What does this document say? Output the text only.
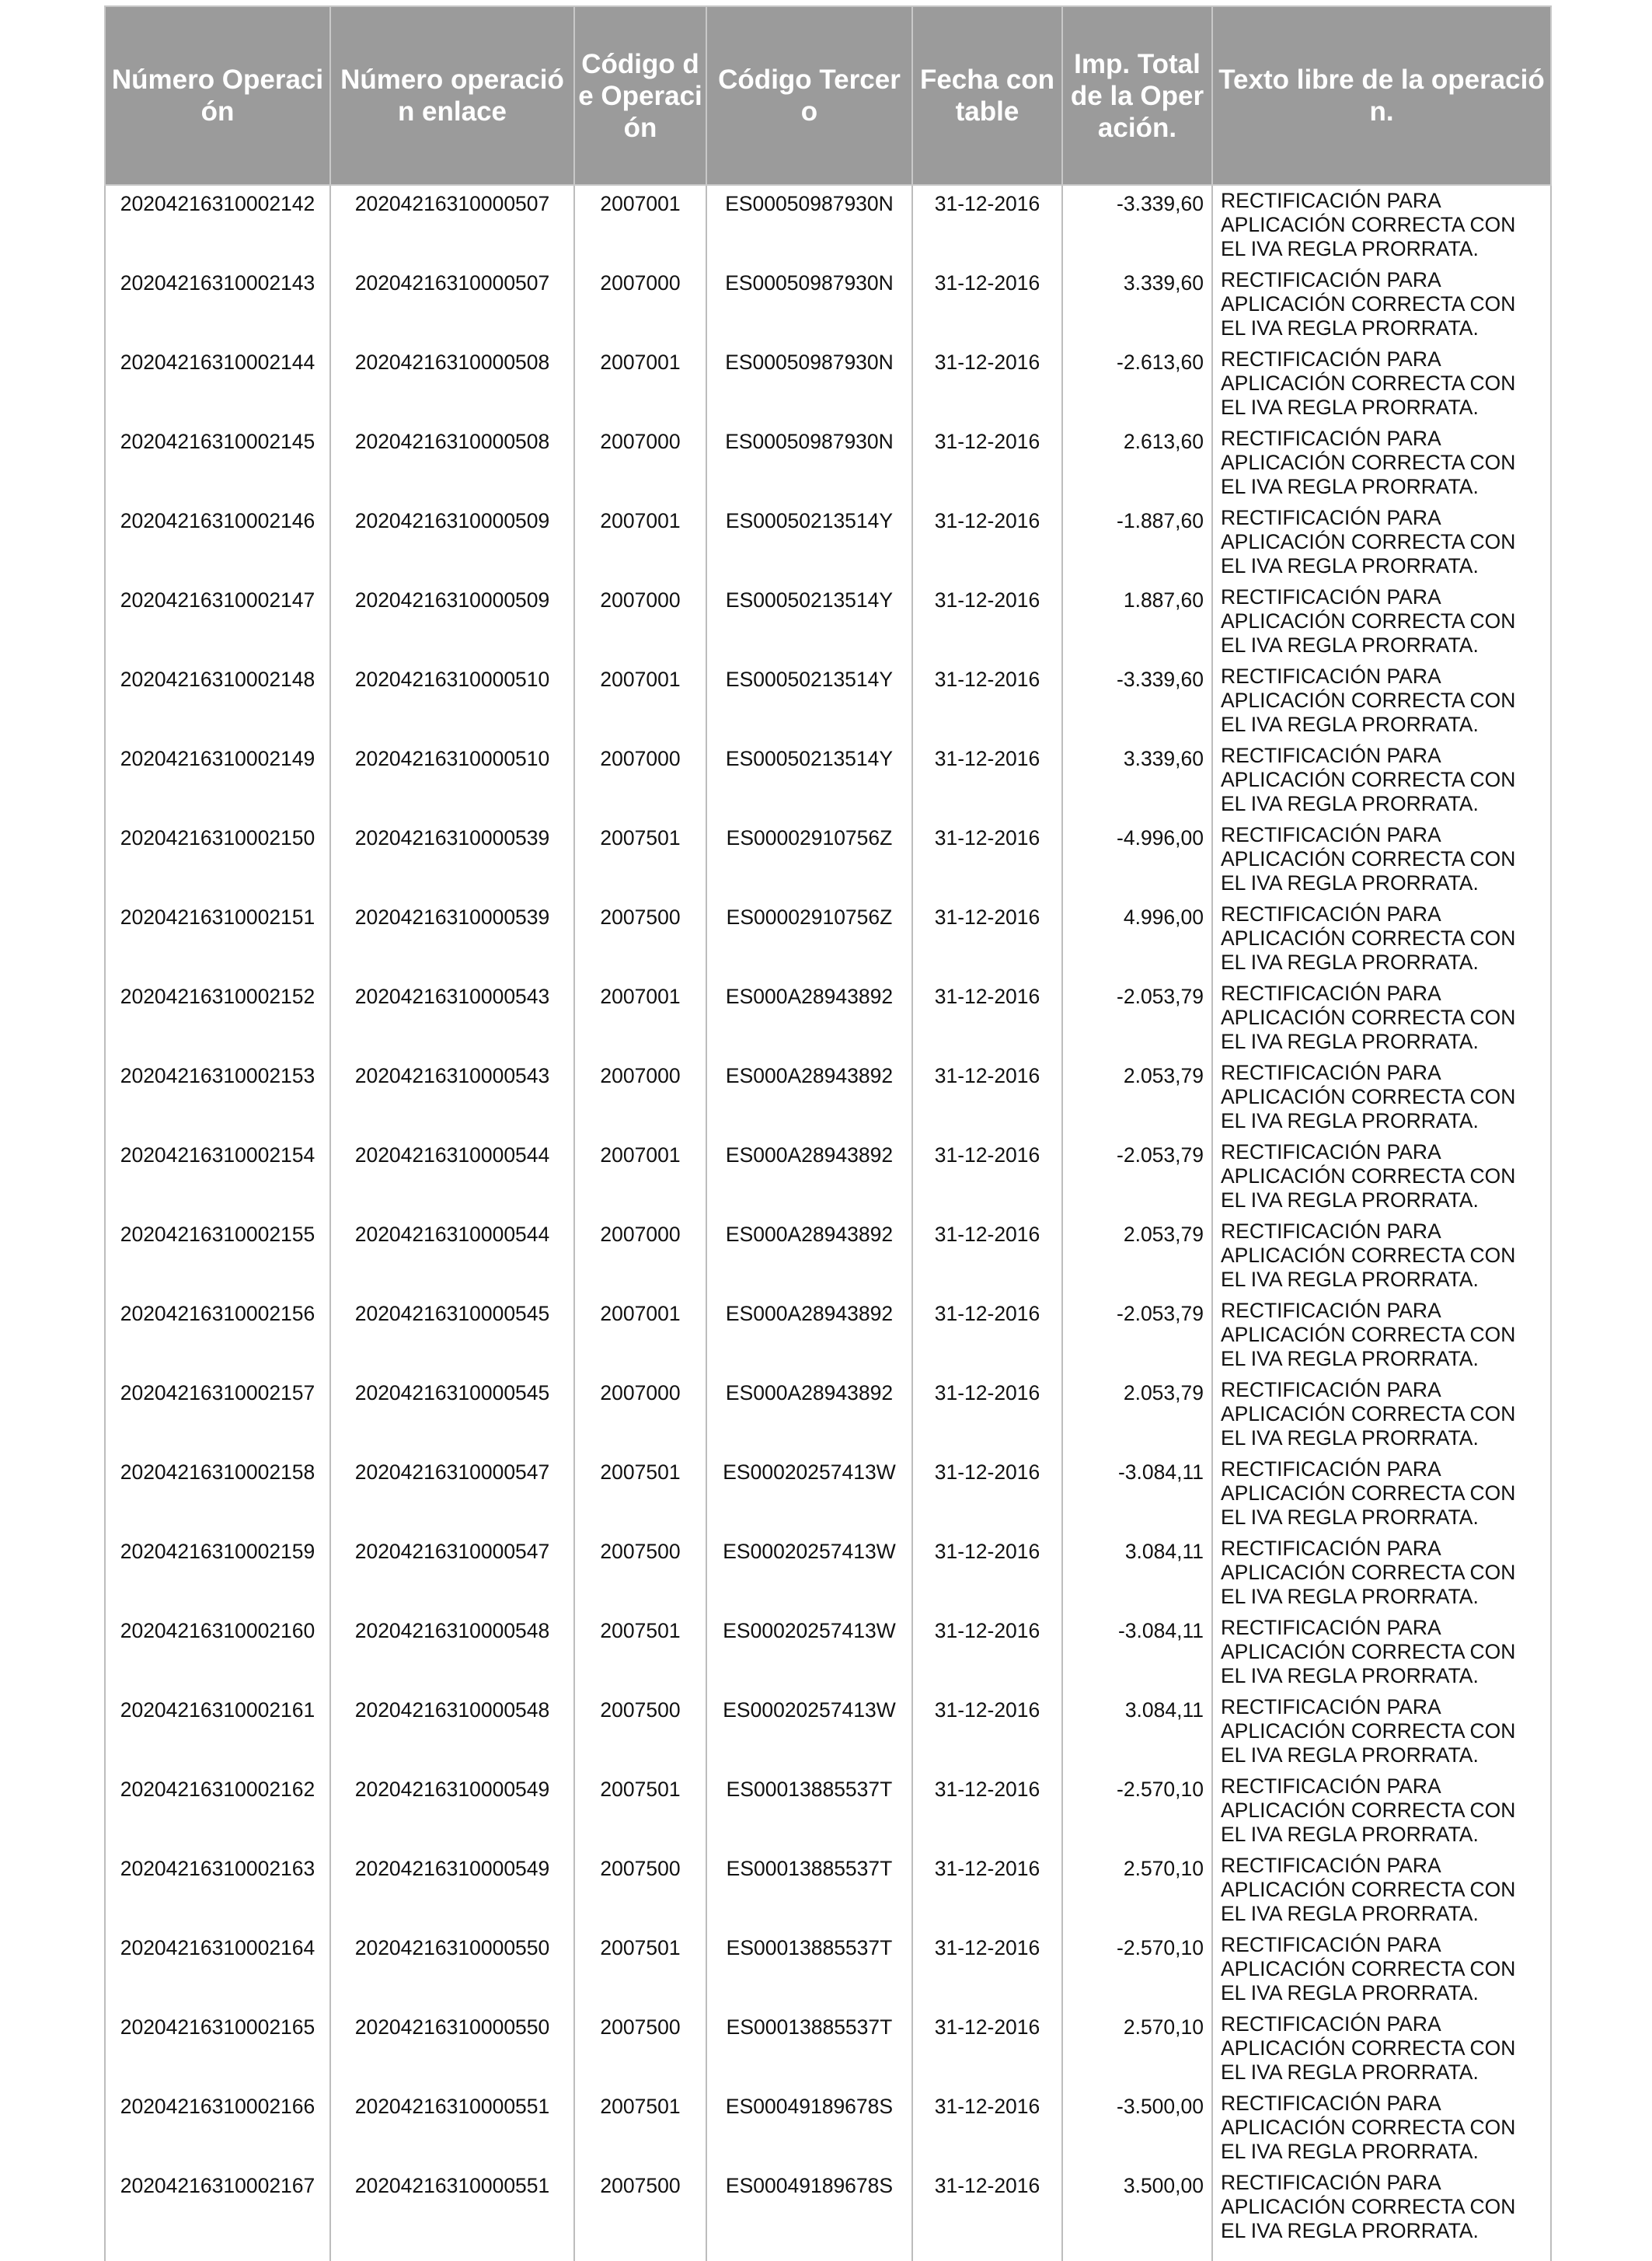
Número Operación	Número operación enlace	Código de Operación	Código Tercero	Fecha contable	Imp. Total de la Operación.	Texto libre de la operación.
20204216310002142	20204216310000507	2007001	ES00050987930N	31-12-2016	-3.339,60	RECTIFICACIÓN PARA APLICACIÓN CORRECTA CON EL IVA REGLA PRORRATA.
20204216310002143	20204216310000507	2007000	ES00050987930N	31-12-2016	3.339,60	RECTIFICACIÓN PARA APLICACIÓN CORRECTA CON EL IVA REGLA PRORRATA.
20204216310002144	20204216310000508	2007001	ES00050987930N	31-12-2016	-2.613,60	RECTIFICACIÓN PARA APLICACIÓN CORRECTA CON EL IVA REGLA PRORRATA.
20204216310002145	20204216310000508	2007000	ES00050987930N	31-12-2016	2.613,60	RECTIFICACIÓN PARA APLICACIÓN CORRECTA CON EL IVA REGLA PRORRATA.
20204216310002146	20204216310000509	2007001	ES00050213514Y	31-12-2016	-1.887,60	RECTIFICACIÓN PARA APLICACIÓN CORRECTA CON EL IVA REGLA PRORRATA.
20204216310002147	20204216310000509	2007000	ES00050213514Y	31-12-2016	1.887,60	RECTIFICACIÓN PARA APLICACIÓN CORRECTA CON EL IVA REGLA PRORRATA.
20204216310002148	20204216310000510	2007001	ES00050213514Y	31-12-2016	-3.339,60	RECTIFICACIÓN PARA APLICACIÓN CORRECTA CON EL IVA REGLA PRORRATA.
20204216310002149	20204216310000510	2007000	ES00050213514Y	31-12-2016	3.339,60	RECTIFICACIÓN PARA APLICACIÓN CORRECTA CON EL IVA REGLA PRORRATA.
20204216310002150	20204216310000539	2007501	ES00002910756Z	31-12-2016	-4.996,00	RECTIFICACIÓN PARA APLICACIÓN CORRECTA CON EL IVA REGLA PRORRATA.
20204216310002151	20204216310000539	2007500	ES00002910756Z	31-12-2016	4.996,00	RECTIFICACIÓN PARA APLICACIÓN CORRECTA CON EL IVA REGLA PRORRATA.
20204216310002152	20204216310000543	2007001	ES000A28943892	31-12-2016	-2.053,79	RECTIFICACIÓN PARA APLICACIÓN CORRECTA CON EL IVA REGLA PRORRATA.
20204216310002153	20204216310000543	2007000	ES000A28943892	31-12-2016	2.053,79	RECTIFICACIÓN PARA APLICACIÓN CORRECTA CON EL IVA REGLA PRORRATA.
20204216310002154	20204216310000544	2007001	ES000A28943892	31-12-2016	-2.053,79	RECTIFICACIÓN PARA APLICACIÓN CORRECTA CON EL IVA REGLA PRORRATA.
20204216310002155	20204216310000544	2007000	ES000A28943892	31-12-2016	2.053,79	RECTIFICACIÓN PARA APLICACIÓN CORRECTA CON EL IVA REGLA PRORRATA.
20204216310002156	20204216310000545	2007001	ES000A28943892	31-12-2016	-2.053,79	RECTIFICACIÓN PARA APLICACIÓN CORRECTA CON EL IVA REGLA PRORRATA.
20204216310002157	20204216310000545	2007000	ES000A28943892	31-12-2016	2.053,79	RECTIFICACIÓN PARA APLICACIÓN CORRECTA CON EL IVA REGLA PRORRATA.
20204216310002158	20204216310000547	2007501	ES00020257413W	31-12-2016	-3.084,11	RECTIFICACIÓN PARA APLICACIÓN CORRECTA CON EL IVA REGLA PRORRATA.
20204216310002159	20204216310000547	2007500	ES00020257413W	31-12-2016	3.084,11	RECTIFICACIÓN PARA APLICACIÓN CORRECTA CON EL IVA REGLA PRORRATA.
20204216310002160	20204216310000548	2007501	ES00020257413W	31-12-2016	-3.084,11	RECTIFICACIÓN PARA APLICACIÓN CORRECTA CON EL IVA REGLA PRORRATA.
20204216310002161	20204216310000548	2007500	ES00020257413W	31-12-2016	3.084,11	RECTIFICACIÓN PARA APLICACIÓN CORRECTA CON EL IVA REGLA PRORRATA.
20204216310002162	20204216310000549	2007501	ES00013885537T	31-12-2016	-2.570,10	RECTIFICACIÓN PARA APLICACIÓN CORRECTA CON EL IVA REGLA PRORRATA.
20204216310002163	20204216310000549	2007500	ES00013885537T	31-12-2016	2.570,10	RECTIFICACIÓN PARA APLICACIÓN CORRECTA CON EL IVA REGLA PRORRATA.
20204216310002164	20204216310000550	2007501	ES00013885537T	31-12-2016	-2.570,10	RECTIFICACIÓN PARA APLICACIÓN CORRECTA CON EL IVA REGLA PRORRATA.
20204216310002165	20204216310000550	2007500	ES00013885537T	31-12-2016	2.570,10	RECTIFICACIÓN PARA APLICACIÓN CORRECTA CON EL IVA REGLA PRORRATA.
20204216310002166	20204216310000551	2007501	ES00049189678S	31-12-2016	-3.500,00	RECTIFICACIÓN PARA APLICACIÓN CORRECTA CON EL IVA REGLA PRORRATA.
20204216310002167	20204216310000551	2007500	ES00049189678S	31-12-2016	3.500,00	RECTIFICACIÓN PARA APLICACIÓN CORRECTA CON EL IVA REGLA PRORRATA.
